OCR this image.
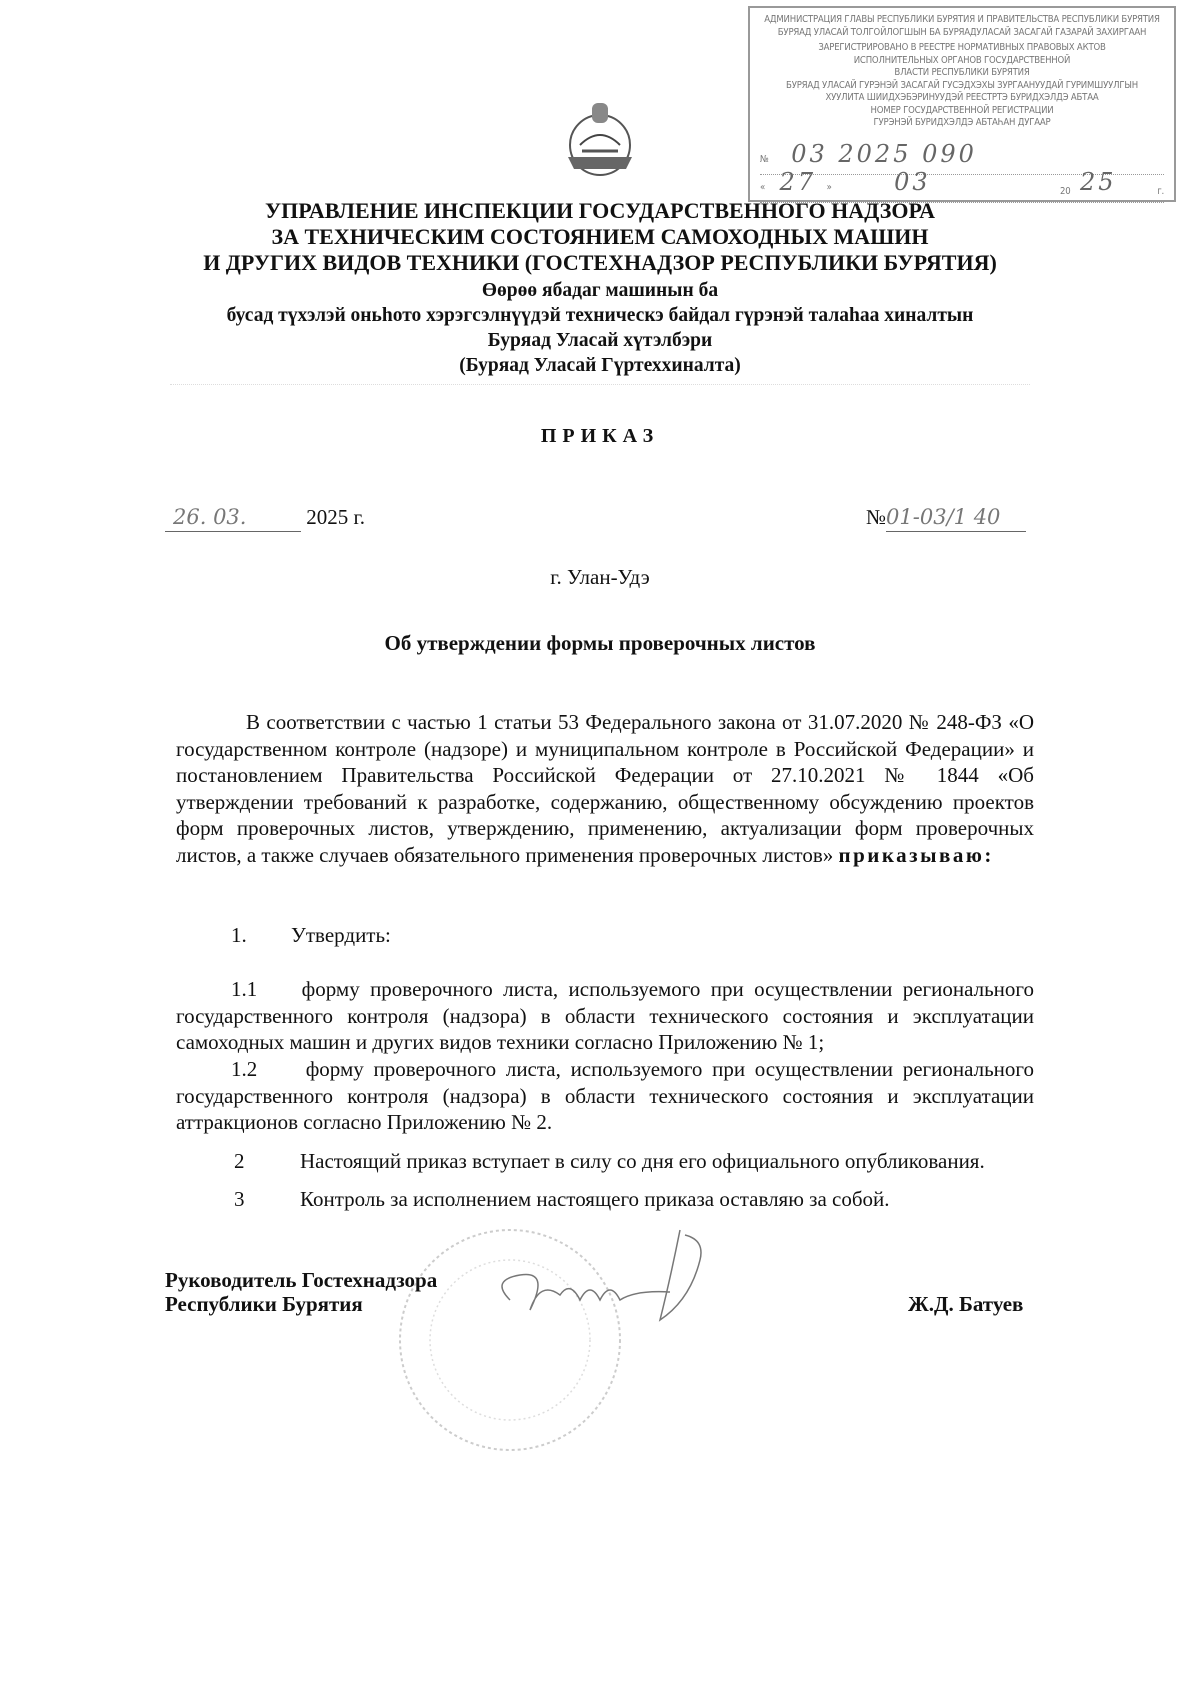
АДМИНИСТРАЦИЯ ГЛАВЫ РЕСПУБЛИКИ БУРЯТИЯ И ПРАВИТЕЛЬСТВА РЕСПУБЛИКИ БУРЯТИЯ
БУРЯАД УЛАСАЙ ТОЛГОЙЛОГШЫН БА БУРЯАДУЛАСАЙ ЗАСАГАЙ ГАЗАРАЙ ЗАХИРГААН
ЗАРЕГИСТРИРОВАНО В РЕЕСТРЕ НОРМАТИВНЫХ ПРАВОВЫХ АКТОВ
ИСПОЛНИТЕЛЬНЫХ ОРГАНОВ ГОСУДАРСТВЕННОЙ
ВЛАСТИ РЕСПУБЛИКИ БУРЯТИЯ
БУРЯАД УЛАСАЙ ГУРЭНЭЙ ЗАСАГАЙ ГУСЭДХЭХЫ ЗУРГААНУУДАЙ ГУРИМШУУЛГЫН
ХУУЛИТА ШИИДХЭБЭРИНУУДЭЙ РЕЕСТРТЭ БУРИДХЭЛДЭ АБТАА
НОМЕР ГОСУДАРСТВЕННОЙ РЕГИСТРАЦИИ
ГУРЭНЭЙ БУРИДХЭЛДЭ АБТАҺАН ДУГААР
№ 03 2025 090
« 27 »	03	20 25	г.
УПРАВЛЕНИЕ ИНСПЕКЦИИ ГОСУДАРСТВЕННОГО НАДЗОРА
ЗА ТЕХНИЧЕСКИМ СОСТОЯНИЕМ САМОХОДНЫХ МАШИН
И ДРУГИХ ВИДОВ ТЕХНИКИ (ГОСТЕХНАДЗОР РЕСПУБЛИКИ БУРЯТИЯ)
Өөрөө ябадаг машинын ба
бусад түхэлэй оньһото хэрэгсэлнүүдэй техническэ байдал гүрэнэй талаһаа хиналтын
Буряад Уласай хүтэлбэри
(Буряад Уласай Гүртеххиналта)
ПРИКАЗ
26. 03.	2025 г.	№01-03/1 40
г. Улан-Удэ
Об утверждении формы проверочных листов
В соответствии с частью 1 статьи 53 Федерального закона от 31.07.2020 № 248-ФЗ «О государственном контроле (надзоре) и муниципальном контроле в Российской Федерации» и постановлением Правительства Российской Федерации от 27.10.2021 № 1844 «Об утверждении требований к разработке, содержанию, общественному обсуждению проектов форм проверочных листов, утверждению, применению, актуализации форм проверочных листов, а также случаев обязательного применения проверочных листов» приказываю:
1. Утвердить:
1.1 форму проверочного листа, используемого при осуществлении регионального государственного контроля (надзора) в области технического состояния и эксплуатации самоходных машин и других видов техники согласно Приложению № 1;
1.2 форму проверочного листа, используемого при осуществлении регионального государственного контроля (надзора) в области технического состояния и эксплуатации аттракционов согласно Приложению № 2.
2	Настоящий приказ вступает в силу со дня его официального опубликования.
3	Контроль за исполнением настоящего приказа оставляю за собой.
Руководитель Гостехнадзора
Республики Бурятия	Ж.Д. Батуев
